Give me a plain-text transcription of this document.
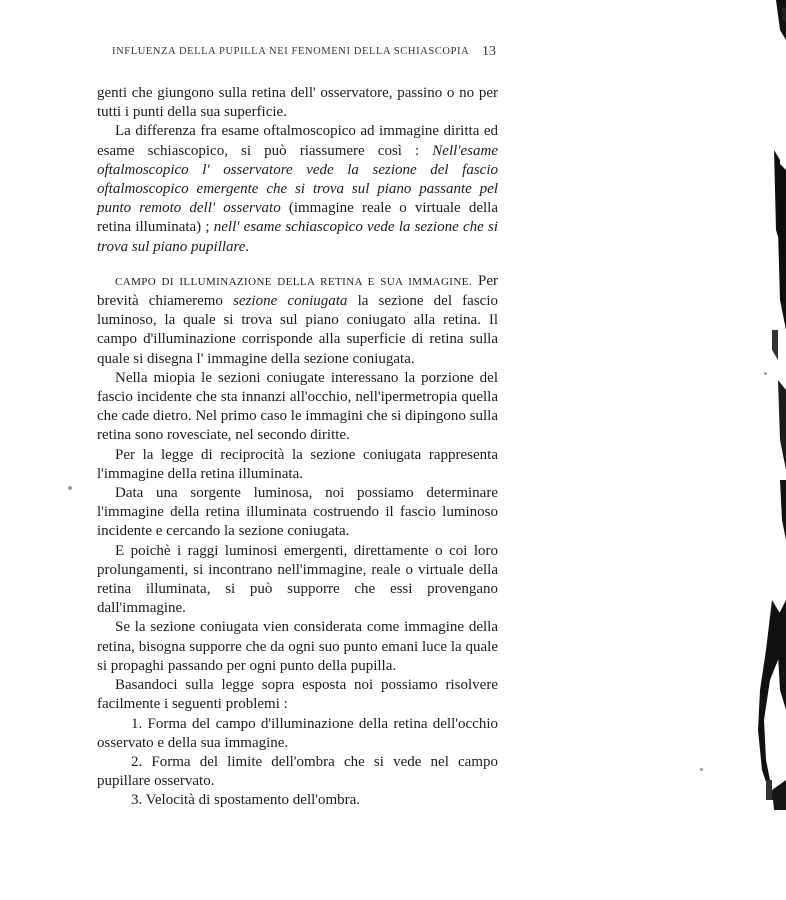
INFLUENZA DELLA PUPILLA NEI FENOMENI DELLA SCHIASCOPIA 13

genti che giungono sulla retina dell' osservatore, passino o no per tutti i punti della sua superficie.

La differenza fra esame oftalmoscopico ad immagine diritta ed esame schiascopico, si può riassumere così : Nell'esame oftalmoscopico l' osservatore vede la sezione del fascio oftalmoscopico emergente che si trova sul piano passante pel punto remoto dell' osservato (immagine reale o virtuale della retina illuminata) ; nell' esame schiascopico vede la sezione che si trova sul piano pupillare.

CAMPO DI ILLUMINAZIONE DELLA RETINA E SUA IMMAGINE. Per brevità chiameremo sezione coniugata la sezione del fascio luminoso, la quale si trova sul piano coniugato alla retina. Il campo d'illuminazione corrisponde alla superficie di retina sulla quale si disegna l' immagine della sezione coniugata.

Nella miopia le sezioni coniugate interessano la porzione del fascio incidente che sta innanzi all'occhio, nell'ipermetropia quella che cade dietro. Nel primo caso le immagini che si dipingono sulla retina sono rovesciate, nel secondo diritte.

Per la legge di reciprocità la sezione coniugata rappresenta l'immagine della retina illuminata.

Data una sorgente luminosa, noi possiamo determinare l'immagine della retina illuminata costruendo il fascio luminoso incidente e cercando la sezione coniugata.

E poichè i raggi luminosi emergenti, direttamente o coi loro prolungamenti, si incontrano nell'immagine, reale o virtuale della retina illuminata, si può supporre che essi provengano dall'immagine.

Se la sezione coniugata vien considerata come immagine della retina, bisogna supporre che da ogni suo punto emani luce la quale si propaghi passando per ogni punto della pupilla.

Basandoci sulla legge sopra esposta noi possiamo risolvere facilmente i seguenti problemi :

1. Forma del campo d'illuminazione della retina dell'occhio osservato e della sua immagine.

2. Forma del limite dell'ombra che si vede nel campo pupillare osservato.

3. Velocità di spostamento dell'ombra.
